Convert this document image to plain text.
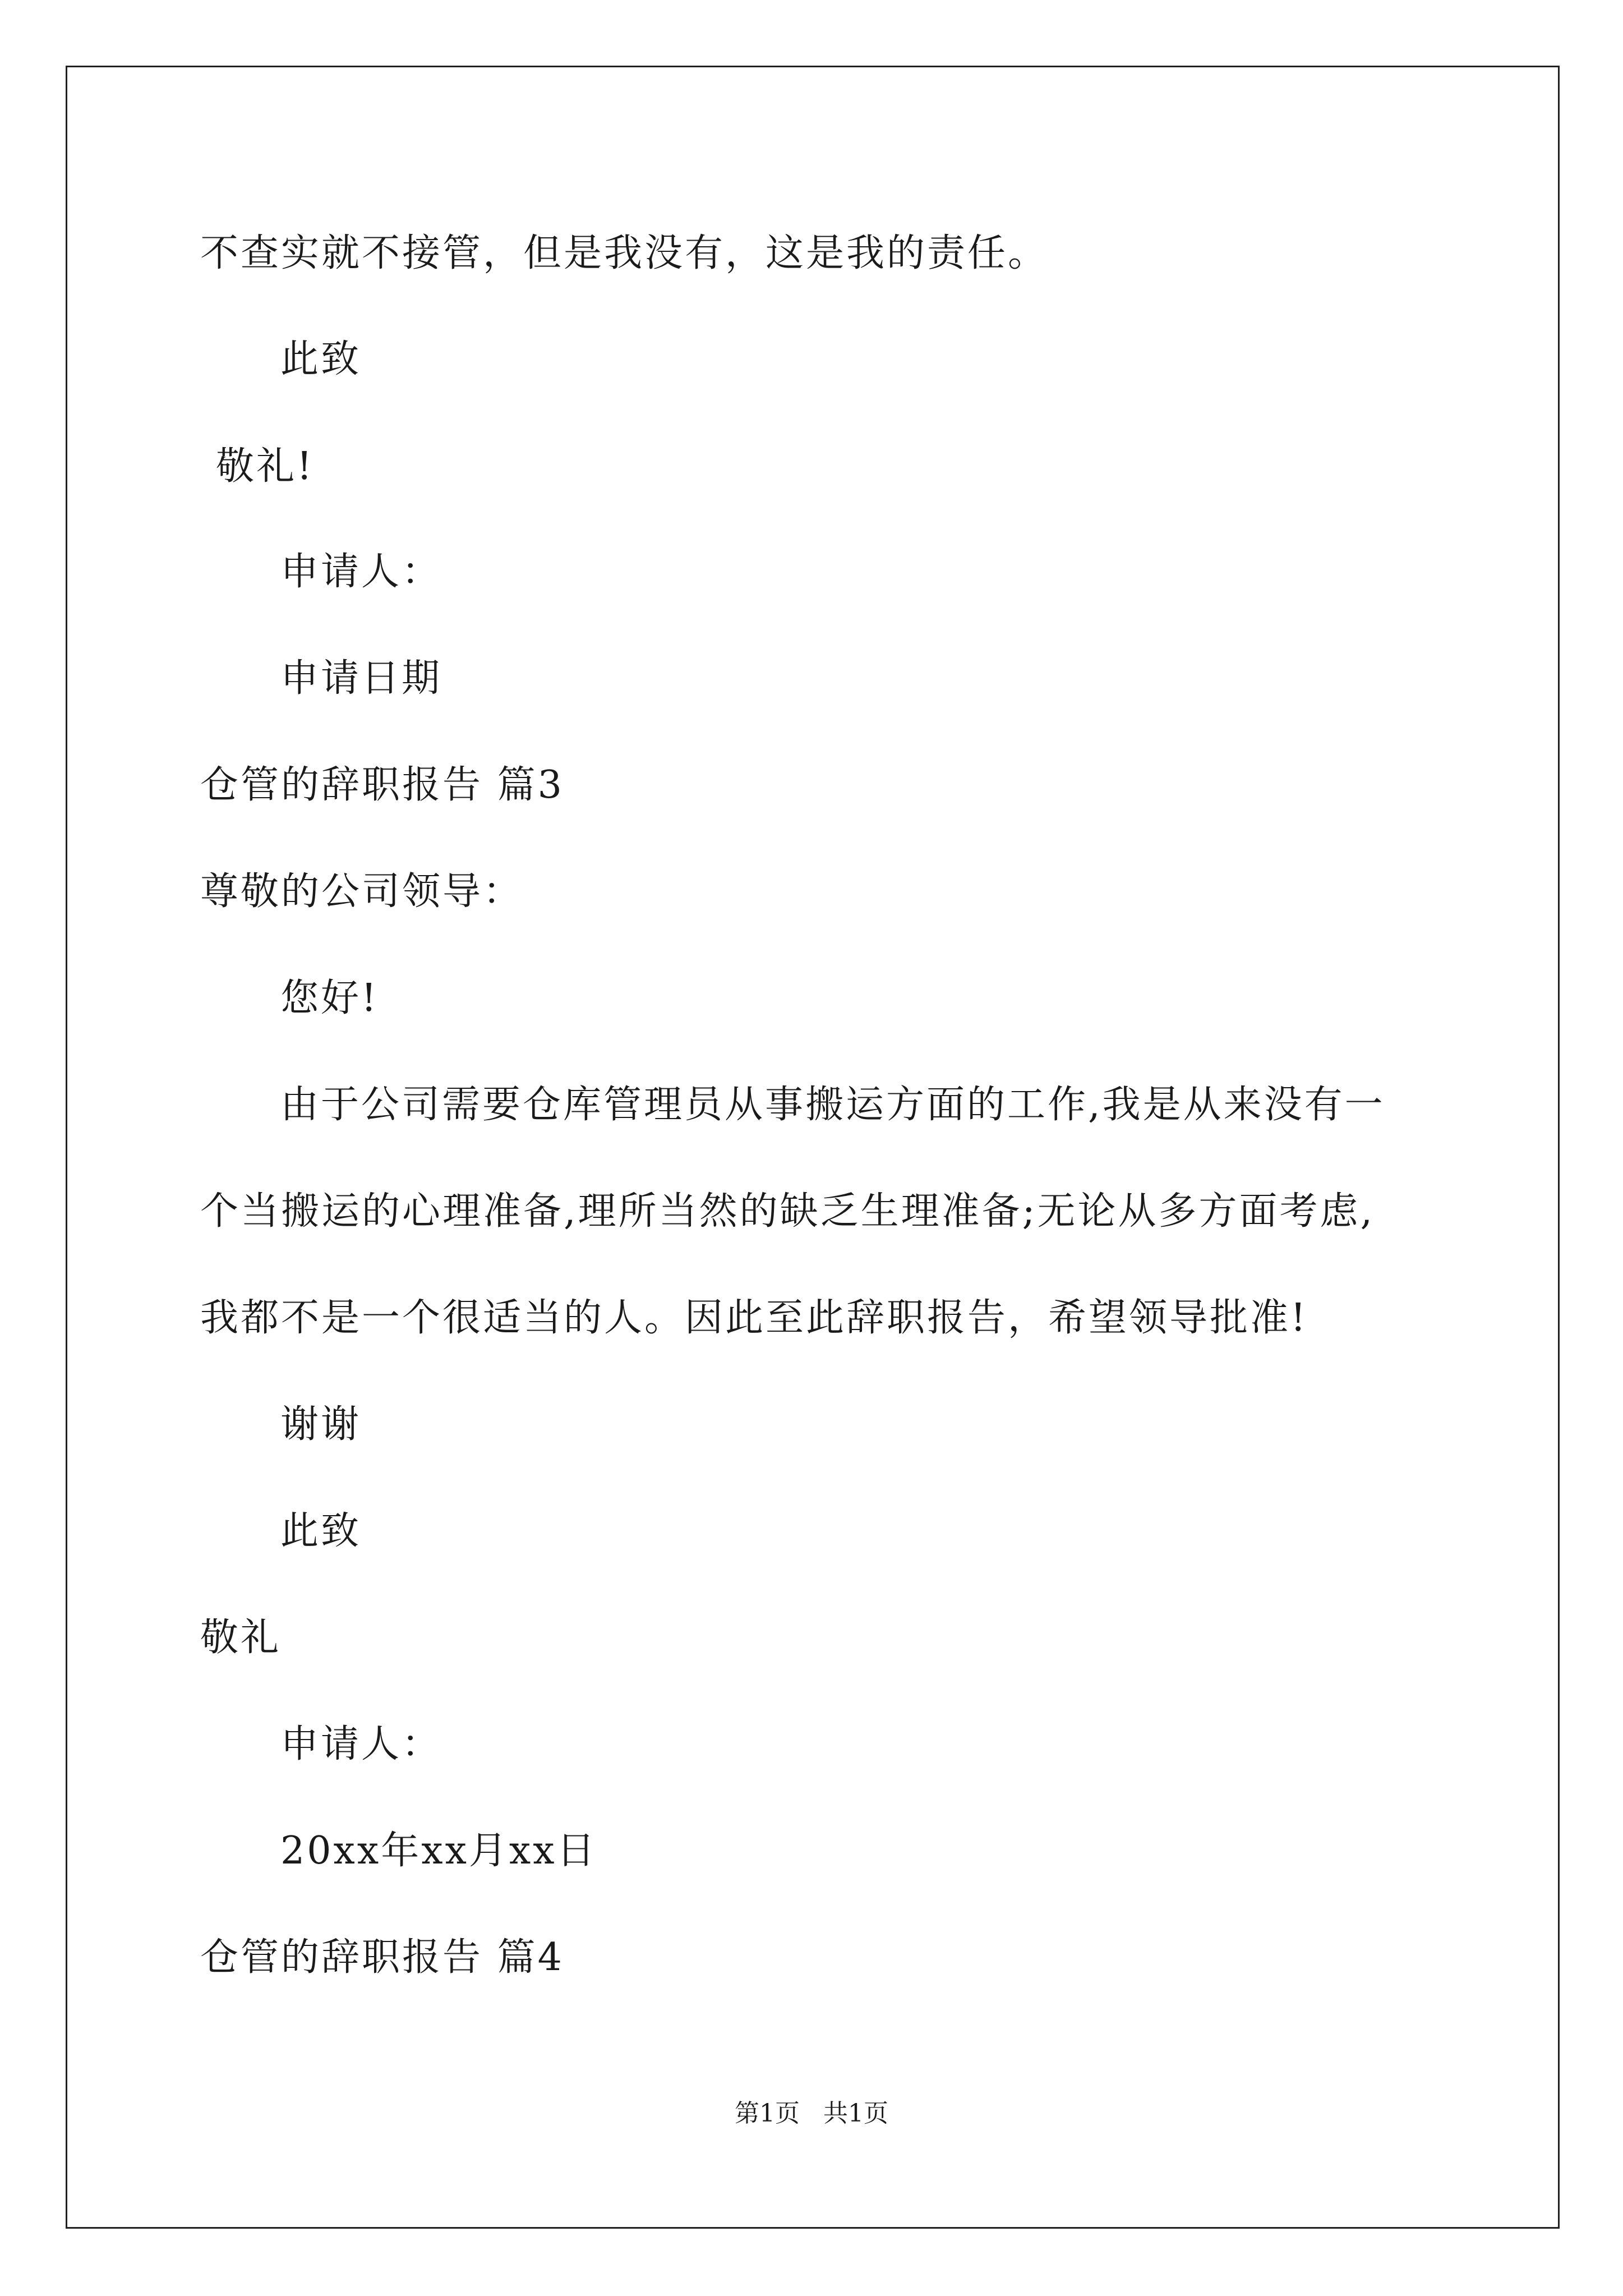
不查实就不接管，但是我没有，这是我的责任。
此致
敬礼!
申请人：
申请日期
仓管的辞职报告 篇3
尊敬的公司领导：
您好!
由于公司需要仓库管理员从事搬运方面的工作,我是从来没有一
个当搬运的心理准备,理所当然的缺乏生理准备;无论从多方面考虑,
我都不是一个很适当的人。因此至此辞职报告，希望领导批准!
谢谢
此致
敬礼
申请人：
20xx年xx月xx日
仓管的辞职报告 篇4
第1页   共1页
